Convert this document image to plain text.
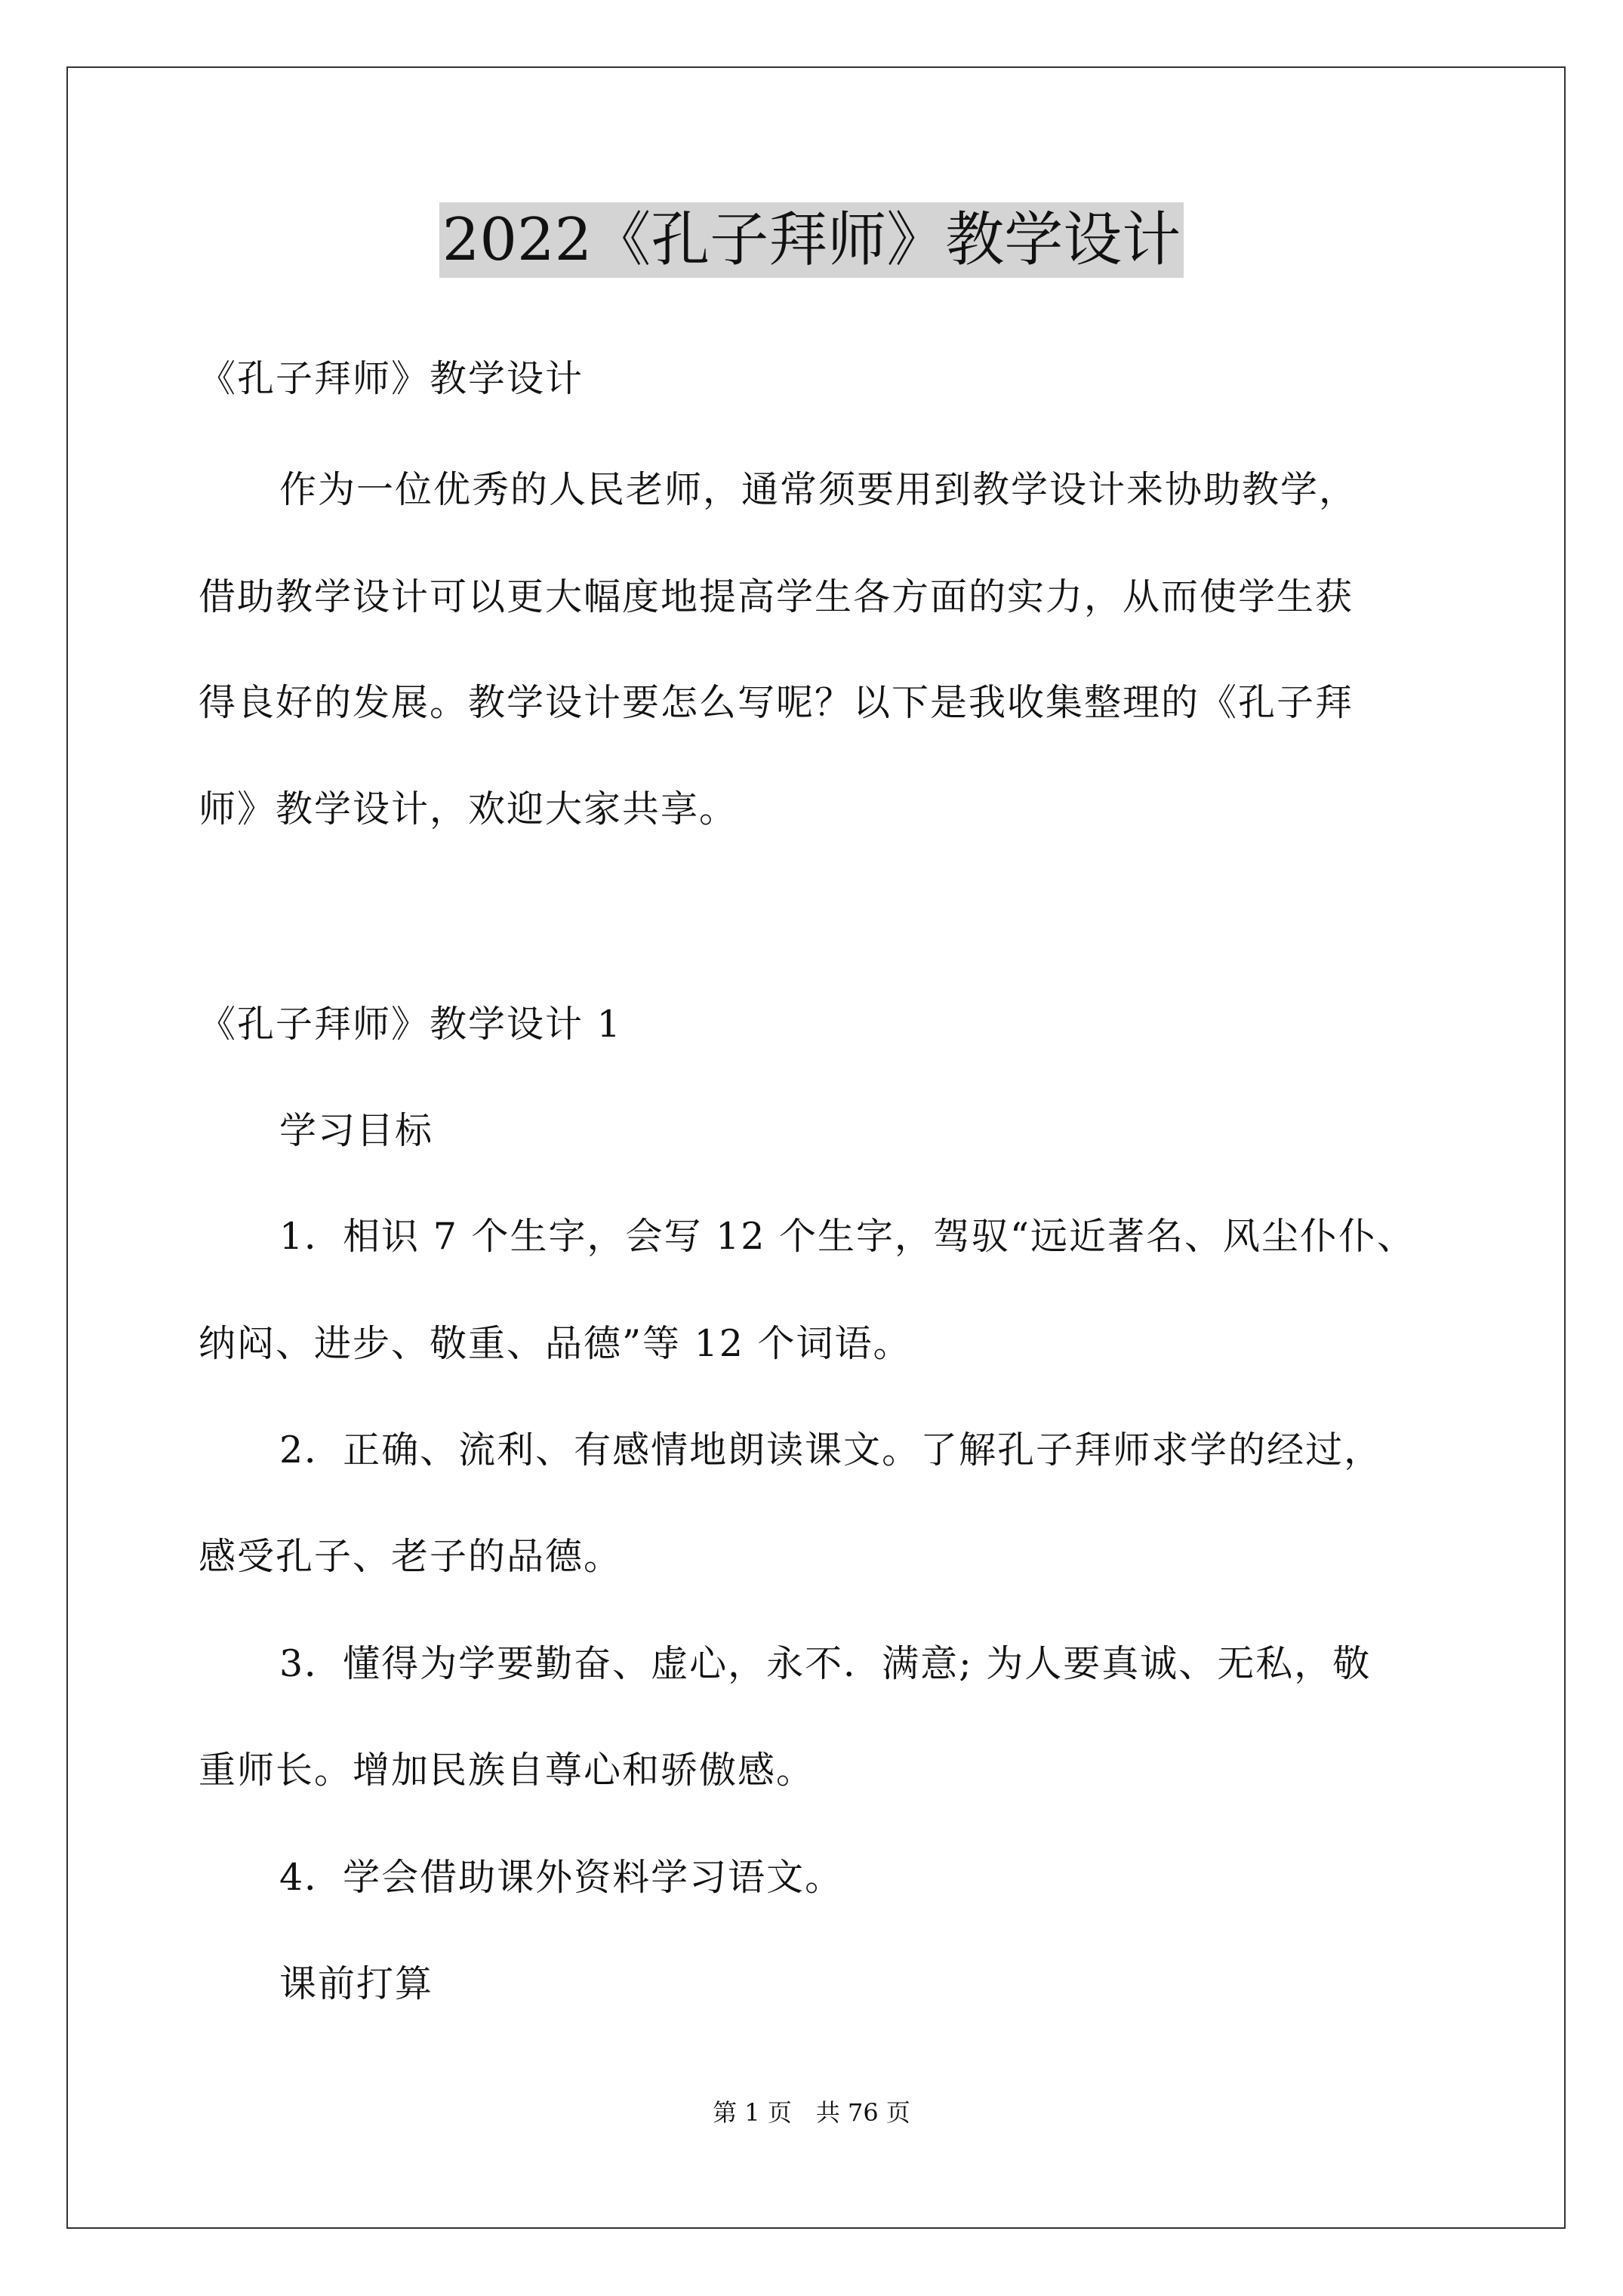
2022《孔子拜师》教学设计
《孔子拜师》教学设计
作为一位优秀的人民老师，通常须要用到教学设计来协助教学，
借助教学设计可以更大幅度地提高学生各方面的实力，从而使学生获
得良好的发展。教学设计要怎么写呢？以下是我收集整理的《孔子拜
师》教学设计，欢迎大家共享。
《孔子拜师》教学设计 1
学习目标
1．相识 7 个生字，会写 12 个生字，驾驭“远近著名、风尘仆仆、
纳闷、进步、敬重、品德”等 12 个词语。
2．正确、流利、有感情地朗读课文。了解孔子拜师求学的经过，
感受孔子、老子的品德。
3．懂得为学要勤奋、虚心，永不．满意; 为人要真诚、无私，敬
重师长。增加民族自尊心和骄傲感。
4．学会借助课外资料学习语文。
课前打算
第 1 页　共 76 页
